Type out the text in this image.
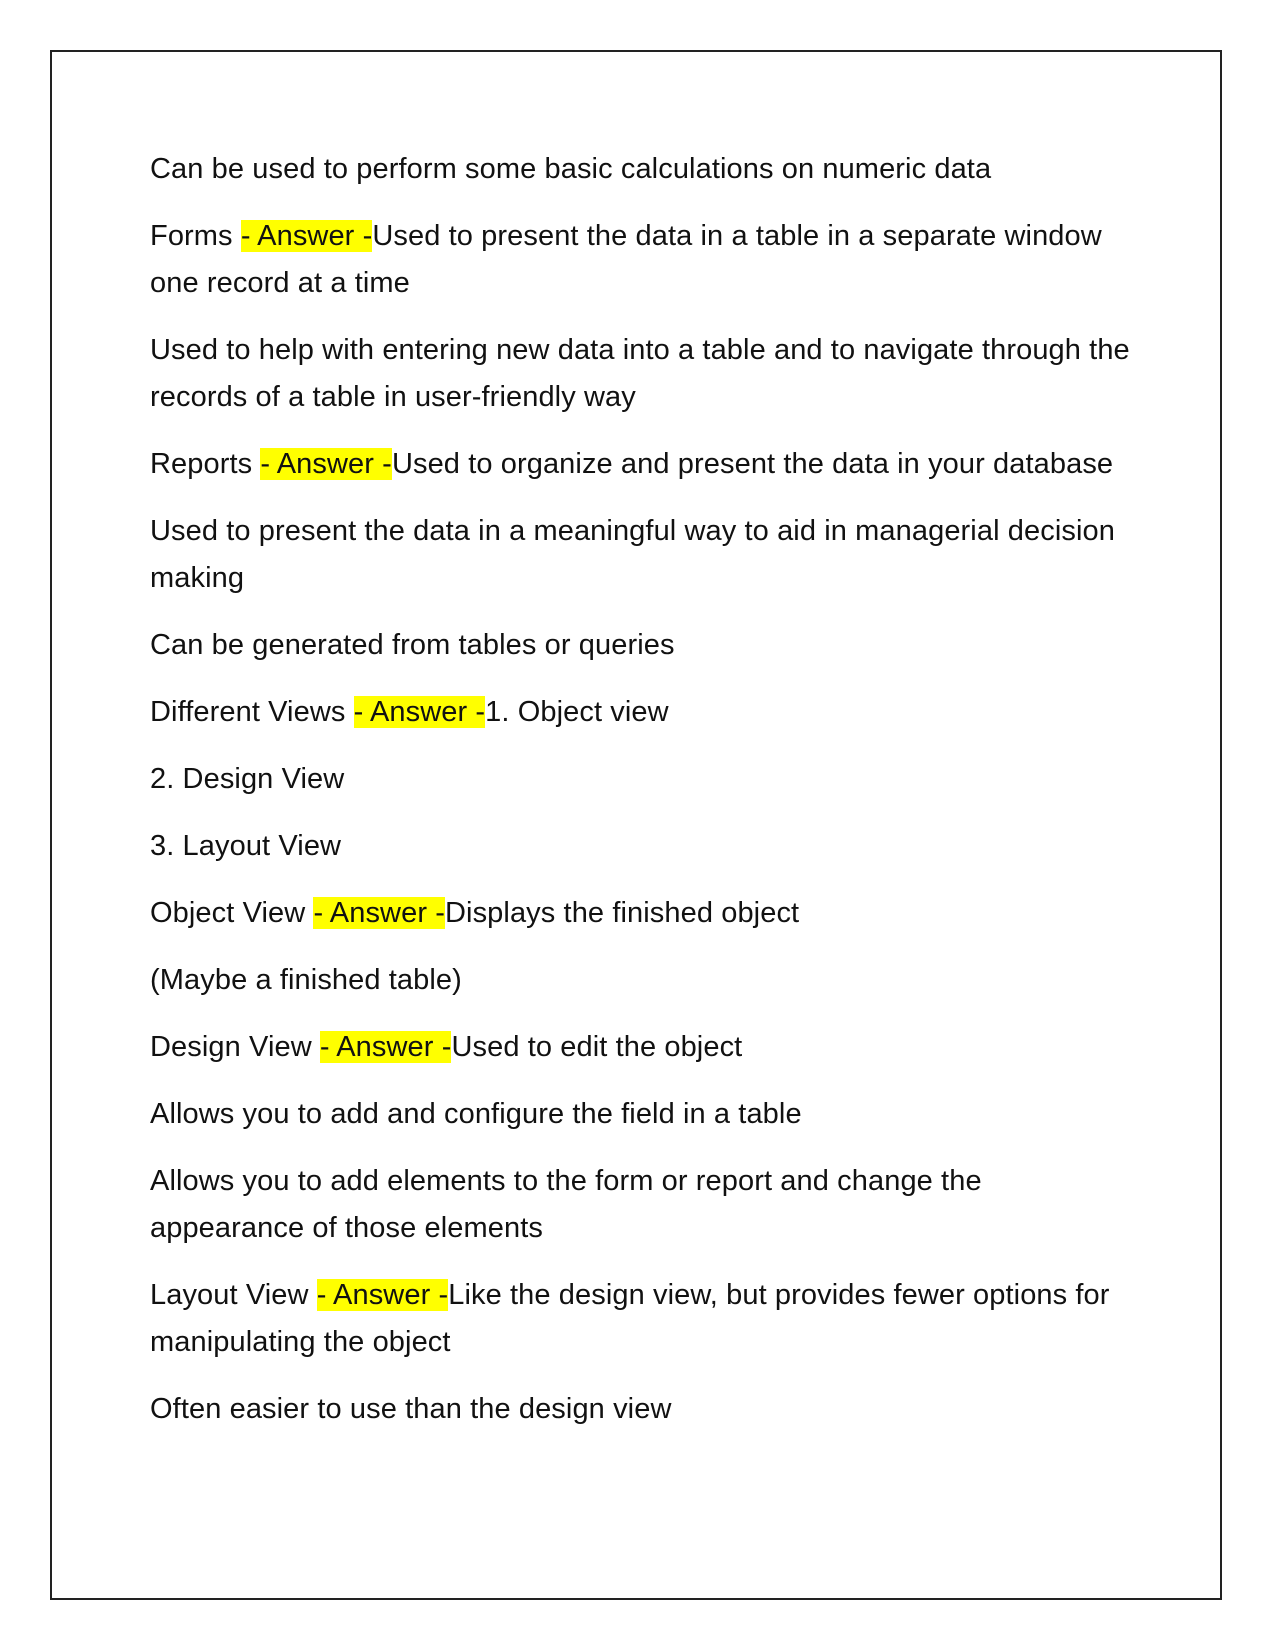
Can be used to perform some basic calculations on numeric data

Forms - Answer -Used to present the data in a table in a separate window one record at a time

Used to help with entering new data into a table and to navigate through the records of a table in user-friendly way

Reports - Answer -Used to organize and present the data in your database

Used to present the data in a meaningful way to aid in managerial decision making

Can be generated from tables or queries

Different Views - Answer -1. Object view

2. Design View

3. Layout View

Object View - Answer -Displays the finished object

(Maybe a finished table)

Design View - Answer -Used to edit the object

Allows you to add and configure the field in a table

Allows you to add elements to the form or report and change the appearance of those elements

Layout View - Answer -Like the design view, but provides fewer options for manipulating the object

Often easier to use than the design view
